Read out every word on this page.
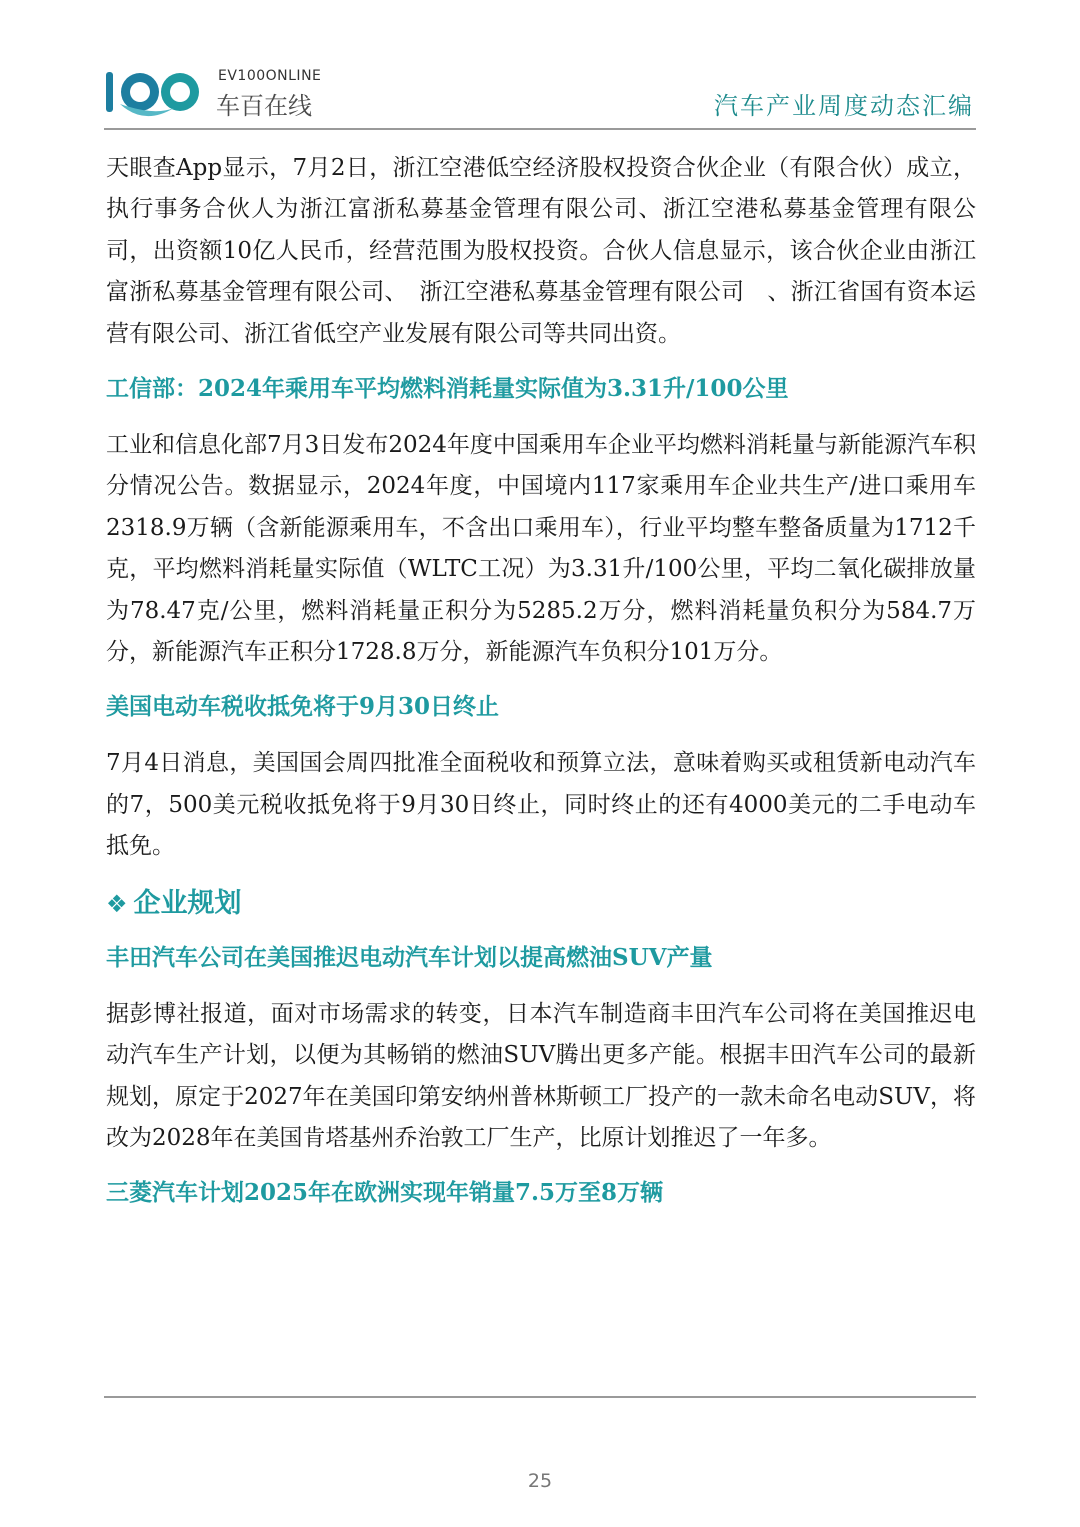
EV100ONLINE
车百在线	汽车产业周度动态汇编

天眼查App显示，7月2日，浙江空港低空经济股权投资合伙企业（有限合伙）成立，执行事务合伙人为浙江富浙私募基金管理有限公司、浙江空港私募基金管理有限公司，出资额10亿人民币，经营范围为股权投资。合伙人信息显示，该合伙企业由浙江富浙私募基金管理有限公司、　浙江空港私募基金管理有限公司　、浙江省国有资本运营有限公司、浙江省低空产业发展有限公司等共同出资。

工信部：2024年乘用车平均燃料消耗量实际值为3.31升/100公里

工业和信息化部7月3日发布2024年度中国乘用车企业平均燃料消耗量与新能源汽车积分情况公告。数据显示，2024年度，中国境内117家乘用车企业共生产/进口乘用车2318.9万辆（含新能源乘用车，不含出口乘用车），行业平均整车整备质量为1712千克，平均燃料消耗量实际值（WLTC工况）为3.31升/100公里，平均二氧化碳排放量为78.47克/公里，燃料消耗量正积分为5285.2万分，燃料消耗量负积分为584.7万分，新能源汽车正积分1728.8万分，新能源汽车负积分101万分。

美国电动车税收抵免将于9月30日终止

7月4日消息，美国国会周四批准全面税收和预算立法，意味着购买或租赁新电动汽车的7，500美元税收抵免将于9月30日终止，同时终止的还有4000美元的二手电动车抵免。

❖ 企业规划
丰田汽车公司在美国推迟电动汽车计划以提高燃油SUV产量

据彭博社报道，面对市场需求的转变，日本汽车制造商丰田汽车公司将在美国推迟电动汽车生产计划，以便为其畅销的燃油SUV腾出更多产能。根据丰田汽车公司的最新规划，原定于2027年在美国印第安纳州普林斯顿工厂投产的一款未命名电动SUV，将改为2028年在美国肯塔基州乔治敦工厂生产，比原计划推迟了一年多。

三菱汽车计划2025年在欧洲实现年销量7.5万至8万辆
25
